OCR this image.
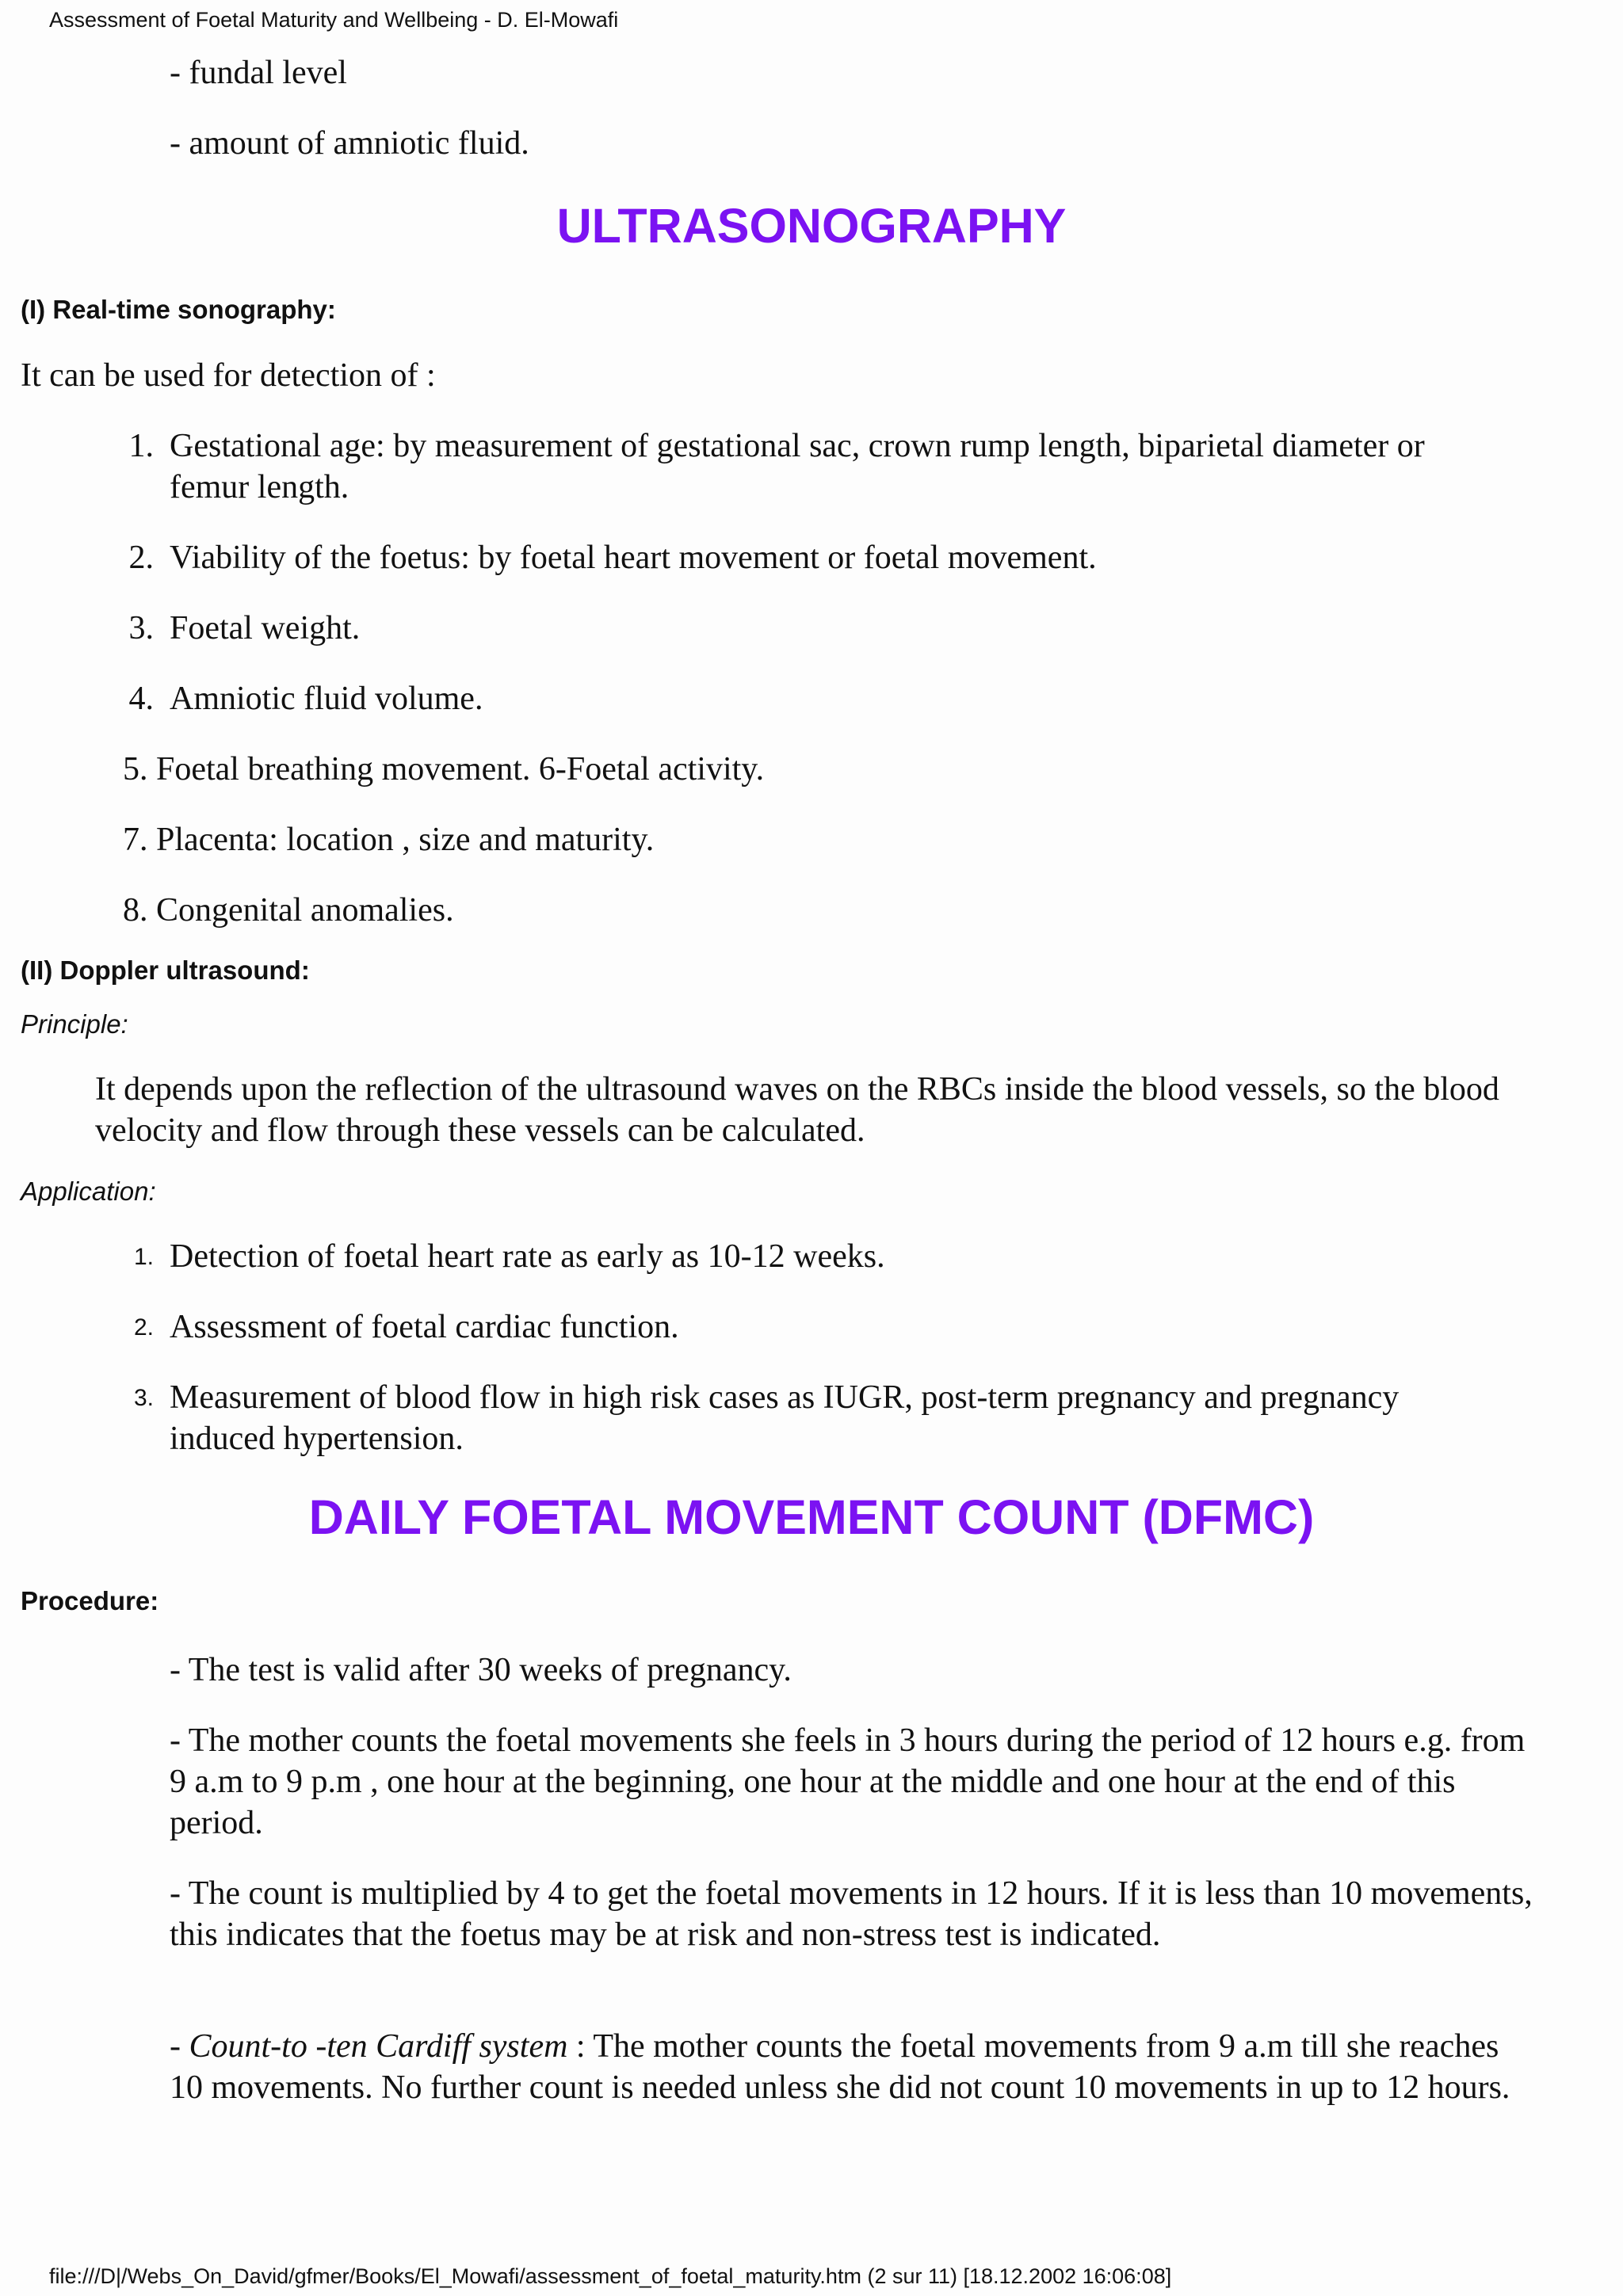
Assessment of Foetal Maturity and Wellbeing - D. El-Mowafi

- fundal level

- amount of amniotic fluid.

ULTRASONOGRAPHY
(I) Real-time sonography:

It can be used for detection of :

1. Gestational age: by measurement of gestational sac, crown rump length, biparietal diameter or femur length.
2. Viability of the foetus: by foetal heart movement or foetal movement.
3. Foetal weight.
4. Amniotic fluid volume.
5. Foetal breathing movement. 6-Foetal activity.
7. Placenta: location , size and maturity.
8. Congenital anomalies.
(II) Doppler ultrasound:

Principle:

It depends upon the reflection of the ultrasound waves on the RBCs inside the blood vessels, so the blood velocity and flow through these vessels can be calculated.

Application:

1. Detection of foetal heart rate as early as 10-12 weeks.
2. Assessment of foetal cardiac function.
3. Measurement of blood flow in high risk cases as IUGR, post-term pregnancy and pregnancy induced hypertension.
DAILY FOETAL MOVEMENT COUNT (DFMC)
Procedure:

- The test is valid after 30 weeks of pregnancy.

- The mother counts the foetal movements she feels in 3 hours during the period of 12 hours e.g. from 9 a.m to 9 p.m , one hour at the beginning, one hour at the middle and one hour at the end of this period.

- The count is multiplied by 4 to get the foetal movements in 12 hours. If it is less than 10 movements, this indicates that the foetus may be at risk and non-stress test is indicated.

- Count-to -ten Cardiff system : The mother counts the foetal movements from 9 a.m till she reaches 10 movements. No further count is needed unless she did not count 10 movements in up to 12 hours.

file:///D|/Webs_On_David/gfmer/Books/El_Mowafi/assessment_of_foetal_maturity.htm (2 sur 11) [18.12.2002 16:06:08]
